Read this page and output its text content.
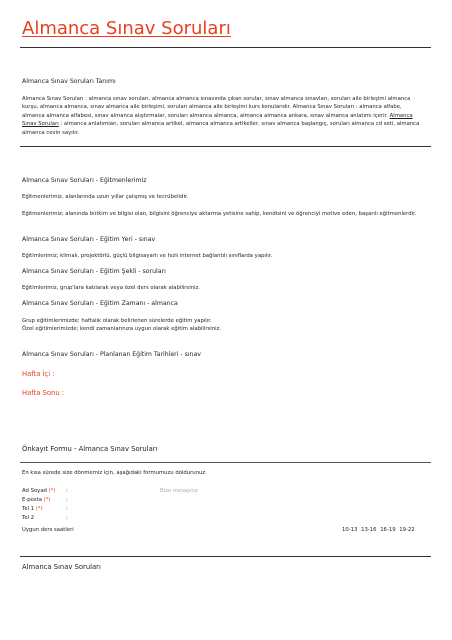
Almanca Sınav Soruları
Almanca Sınav Soruları Tanımı
Almanca Sınav Soruları : almanca sınav soruları, almanca almanca sınavında çıkan sorular, sınav almanca sınavları, soruları aile birleşimi almanca kurşu, almanca almanca, sınav almanca aile birleşimi, soruları almanca aile birleşimi kurs konularıdır. Almanca Sınav Soruları : almanca alfabe, almanca almanca alfabesi, sınav almanca alıştırmalar, soruları almanca almanca, almanca almanca ankara, sınav almanca anlatımı içerir. Almanca Sınav Soruları : almanca anlatımları, soruları almanca artikel, almanca almanca artikeller, sınav almanca başlangıç, soruları almanca cd seti, almanca almanca cevin sayılır.
Almanca Sınav Soruları - Eğitmenlerimiz
Eğitmenlerimiz, alanlarında uzun yıllar çalışmış ve tecrübelidir.
Eğitmenlerimiz; alanında birikim ve bilgisi olan, bilgisini öğrenciye aktarma yetisine sahip, kendisini ve öğrenciyi motive eden, başarılı eğitmenlerdir.
Almanca Sınav Soruları - Eğitim Yeri - sınav
Eğitimlerimiz; klimalı, projektörlü, güçlü bilgisayarlı ve hızlı internet bağlantılı sınıflarda yapılır.
Almanca Sınav Soruları - Eğitim Şekli - soruları
Eğitimlerimiz, grup'lara katılarak veya özel ders olarak alabilirsiniz.
Almanca Sınav Soruları - Eğitim Zamanı - almanca
Grup eğitimlerimizde; haftalık olarak belirlenen sürelerde eğitim yapılır.
Özel eğitimlerimizde; kendi zamanlarınıza uygun olarak eğitim alabilirsiniz.
Almanca Sınav Soruları - Planlanan Eğitim Tarihleri - sınav
Hafta İçi :
Hafta Sonu :
Önkayıt Formu - Almanca Sınav Soruları
En kısa sürede size dönmemiz için, aşağıdaki formumuzu doldurunuz.
Ad Soyad (*) :
E-posta (*)	:
Tel 1 (*)	:
Tel 2	:
Bize mesajınız
Uygun ders saatleri	10-13 13-16 16-19 19-22
Almanca Sınav Soruları
